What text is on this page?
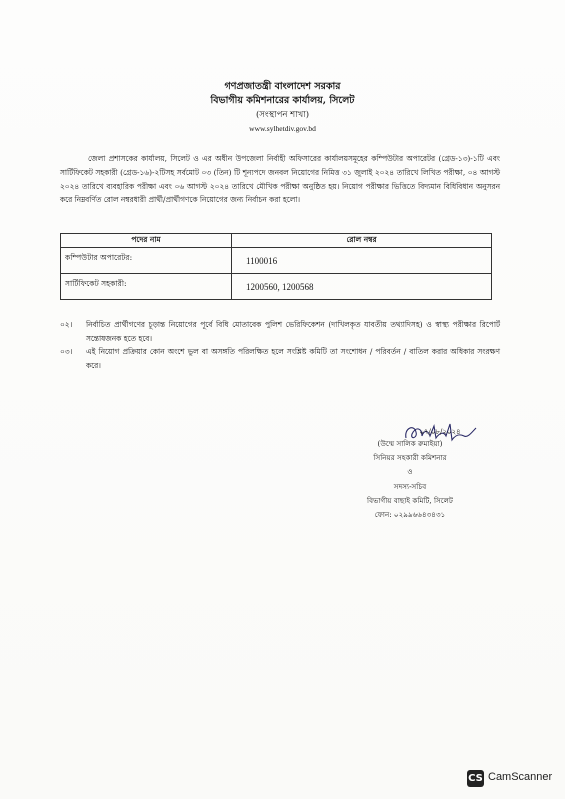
গণপ্রজাতন্ত্রী বাংলাদেশ সরকার
বিভাগীয় কমিশনারের কার্যালয়, সিলেট
(সংস্থাপন শাখা)
www.sylhetdiv.gov.bd
জেলা প্রশাসকের কার্যালয়, সিলেট ও এর অধীন উপজেলা নির্বাহী অফিসারের কার্যালয়সমূহের কম্পিউটার অপারেটর (গ্রেড-১৩)-১টি এবং সার্টিফিকেট সহকারী (গ্রেড-১৬)-২টিসহ সর্বমোট ০৩ (তিন) টি শূন্যপদে জনবল নিয়োগের নিমিত্ত ৩১ জুলাই ২০২৪ তারিখে লিখিত পরীক্ষা, ০৪ আগস্ট ২০২৪ তারিখে ব্যবহারিক পরীক্ষা এবং ০৬ আগস্ট ২০২৪ তারিখে মৌখিক পরীক্ষা অনুষ্ঠিত হয়। নিয়োগ পরীক্ষার ভিত্তিতে বিদ্যমান বিধিবিধান অনুসরন করে নিম্নবর্ণিত রোল নম্বরধারী প্রার্থী/প্রার্থীগণকে নিয়োগের জন্য নির্বাচন করা হলো।
পদের নাম	রোল নম্বর
কম্পিউটার অপারেটর:	1100016
সার্টিফিকেট সহকারী:	1200560, 1200568
০২।	নির্বাচিত প্রার্থীগণের চূড়ান্ত নিয়োগের পূর্বে বিধি মোতাবেক পুলিশ ভেরিফিকেশন (দাখিলকৃত যাবতীয় তথ্যাদিসহ) ও স্বাস্থ্য পরীক্ষার রিপোর্ট সন্তোষজনক হতে হবে।
০৩।	এই নিয়োগ প্রক্রিয়ার কোন অংশে ভুল বা অসঙ্গতি পরিলক্ষিত হলে সংশ্লিষ্ট কমিটি তা সংশোধন / পরিবর্তন / বাতিল করার অধিকার সংরক্ষণ করে।
০৭/০৮/২০২৪
(উম্মে সালিক রুমাইয়া)
সিনিয়র সহকারী কমিশনার
ও
সদস্য-সচিব
বিভাগীয় বাছাই কমিটি, সিলেট
ফোন: ০২৯৯৬৬৪৩৪৩১
CS CamScanner
